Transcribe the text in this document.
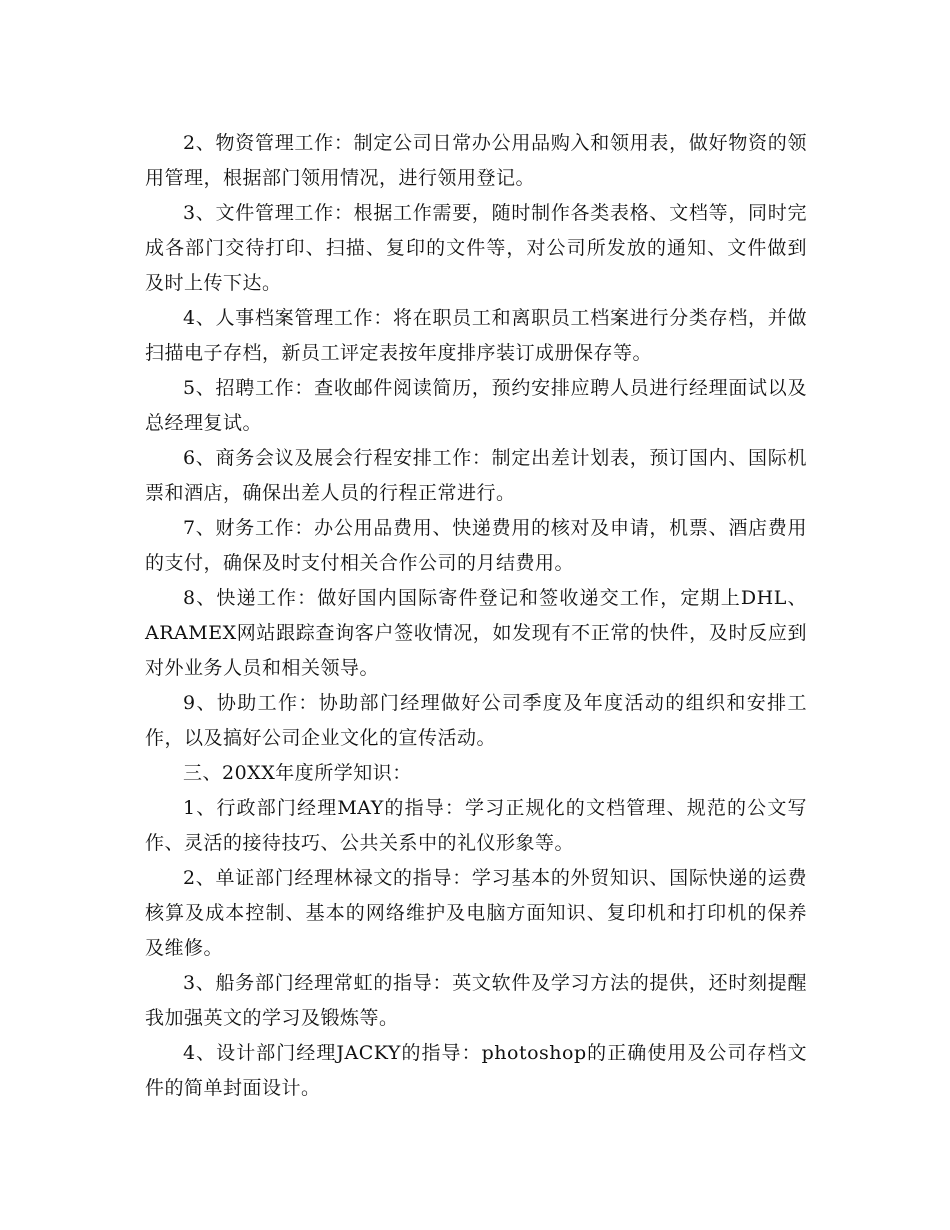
2、物资管理工作：制定公司日常办公用品购入和领用表，做好物资的领用管理，根据部门领用情况，进行领用登记。

3、文件管理工作：根据工作需要，随时制作各类表格、文档等，同时完成各部门交待打印、扫描、复印的文件等，对公司所发放的通知、文件做到及时上传下达。

4、人事档案管理工作：将在职员工和离职员工档案进行分类存档，并做扫描电子存档，新员工评定表按年度排序装订成册保存等。

5、招聘工作：查收邮件阅读简历，预约安排应聘人员进行经理面试以及总经理复试。

6、商务会议及展会行程安排工作：制定出差计划表，预订国内、国际机票和酒店，确保出差人员的行程正常进行。

7、财务工作：办公用品费用、快递费用的核对及申请，机票、酒店费用的支付，确保及时支付相关合作公司的月结费用。

8、快递工作：做好国内国际寄件登记和签收递交工作，定期上DHL、ARAMEX网站跟踪查询客户签收情况，如发现有不正常的快件，及时反应到对外业务人员和相关领导。

9、协助工作：协助部门经理做好公司季度及年度活动的组织和安排工作，以及搞好公司企业文化的宣传活动。

三、20XX年度所学知识：

1、行政部门经理MAY的指导：学习正规化的文档管理、规范的公文写作、灵活的接待技巧、公共关系中的礼仪形象等。

2、单证部门经理林禄文的指导：学习基本的外贸知识、国际快递的运费核算及成本控制、基本的网络维护及电脑方面知识、复印机和打印机的保养及维修。

3、船务部门经理常虹的指导：英文软件及学习方法的提供，还时刻提醒我加强英文的学习及锻炼等。

4、设计部门经理JACKY的指导：photoshop的正确使用及公司存档文件的简单封面设计。
